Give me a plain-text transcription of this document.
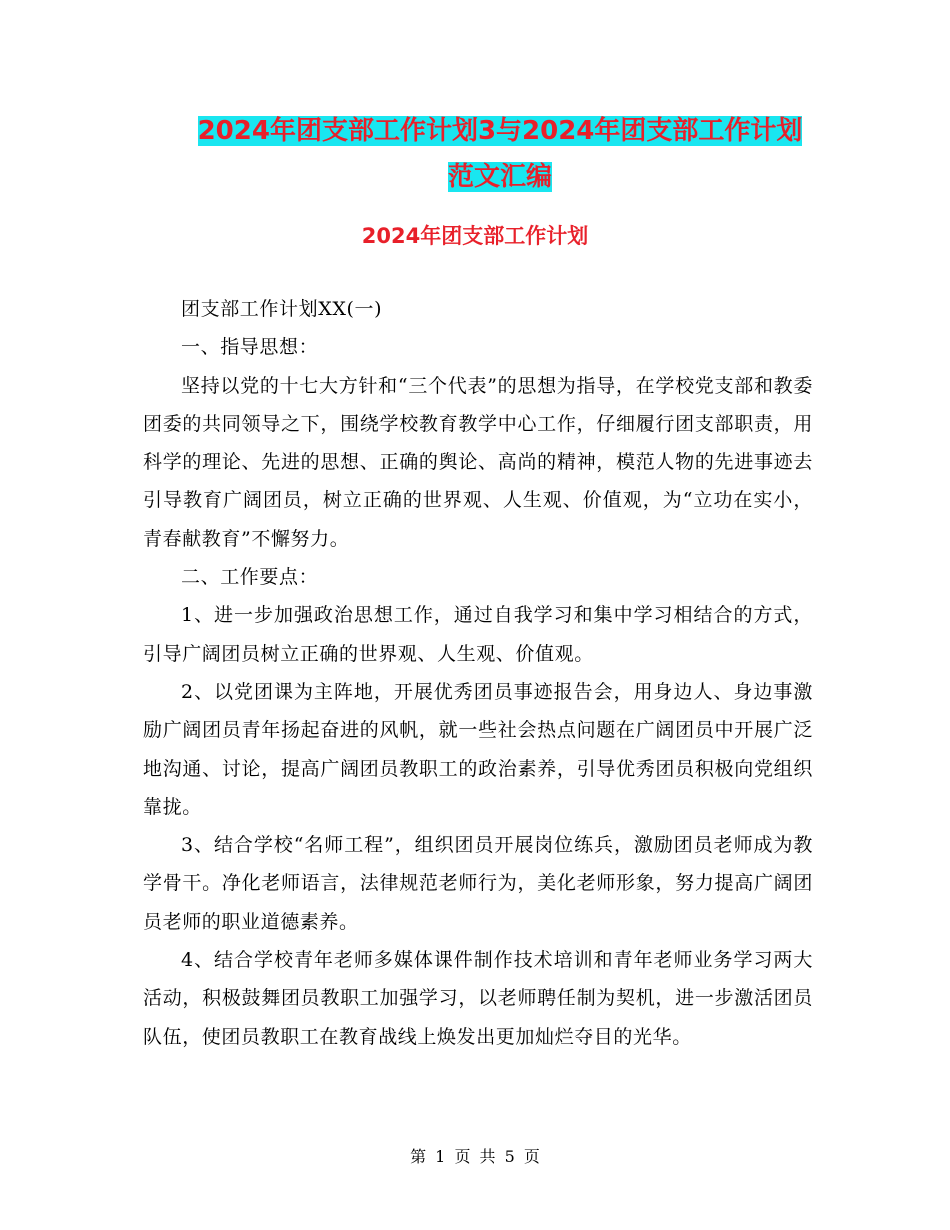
2024年团支部工作计划3与2024年团支部工作计划范文汇编
2024年团支部工作计划

团支部工作计划XX(一)

一、指导思想：

坚持以党的十七大方针和“三个代表”的思想为指导，在学校党支部和教委团委的共同领导之下，围绕学校教育教学中心工作，仔细履行团支部职责，用科学的理论、先进的思想、正确的舆论、高尚的精神，模范人物的先进事迹去引导教育广阔团员，树立正确的世界观、人生观、价值观，为“立功在实小，青春献教育”不懈努力。

二、工作要点：

1、进一步加强政治思想工作，通过自我学习和集中学习相结合的方式，引导广阔团员树立正确的世界观、人生观、价值观。

2、以党团课为主阵地，开展优秀团员事迹报告会，用身边人、身边事激励广阔团员青年扬起奋进的风帆，就一些社会热点问题在广阔团员中开展广泛地沟通、讨论，提高广阔团员教职工的政治素养，引导优秀团员积极向党组织靠拢。

3、结合学校“名师工程”，组织团员开展岗位练兵，激励团员老师成为教学骨干。净化老师语言，法律规范老师行为，美化老师形象，努力提高广阔团员老师的职业道德素养。

4、结合学校青年老师多媒体课件制作技术培训和青年老师业务学习两大活动，积极鼓舞团员教职工加强学习，以老师聘任制为契机，进一步激活团员队伍，使团员教职工在教育战线上焕发出更加灿烂夺目的光华。

第 1 页 共 5 页
